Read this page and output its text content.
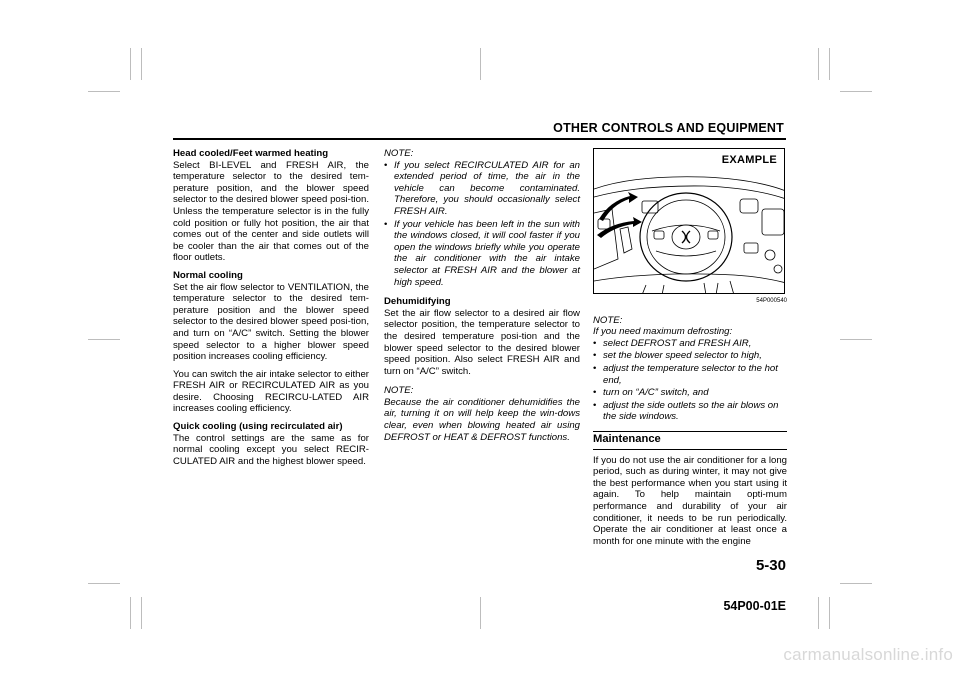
OTHER CONTROLS AND EQUIPMENT

Head cooled/Feet warmed heating
Select BI-LEVEL and FRESH AIR, the temperature selector to the desired tem-perature position, and the blower speed selector to the desired blower speed posi-tion. Unless the temperature selector is in the fully cold position or fully hot position, the air that comes out of the center and side outlets will be cooler than the air that comes out of the floor outlets.

Normal cooling
Set the air flow selector to VENTILATION, the temperature selector to the desired tem-perature position and the blower speed selector to the desired blower speed posi-tion, and turn on “A/C” switch. Setting the blower speed selector to a higher blower speed position increases cooling efficiency.

You can switch the air intake selector to either FRESH AIR or RECIRCULATED AIR as you desire. Choosing RECIRCU-LATED AIR increases cooling efficiency.

Quick cooling (using recirculated air)
The control settings are the same as for normal cooling except you select RECIR-CULATED AIR and the highest blower speed.

NOTE:
• If you select RECIRCULATED AIR for an extended period of time, the air in the vehicle can become contaminated. Therefore, you should occasionally select FRESH AIR.
• If your vehicle has been left in the sun with the windows closed, it will cool faster if you open the windows briefly while you operate the air conditioner with the air intake selector at FRESH AIR and the blower at high speed.

Dehumidifying
Set the air flow selector to a desired air flow selector position, the temperature selector to the desired temperature posi-tion and the blower speed selector to the desired blower speed position. Also select FRESH AIR and turn on “A/C” switch.

NOTE:

Because the air conditioner dehumidifies the air, turning it on will help keep the win-dows clear, even when blowing heated air using DEFROST or HEAT & DEFROST functions.

EXAMPLE
54P000540
NOTE:
If you need maximum defrosting:
• select DEFROST and FRESH AIR,
• set the blower speed selector to high,
• adjust the temperature selector to the hot end,
• turn on “A/C” switch, and
• adjust the side outlets so the air blows on the side windows.
Maintenance

If you do not use the air conditioner for a long period, such as during winter, it may not give the best performance when you start using it again. To help maintain opti-mum performance and durability of your air conditioner, it needs to be run periodically. Operate the air conditioner at least once a month for one minute with the engine

5-30
54P00-01E
carmanualsonline.info
